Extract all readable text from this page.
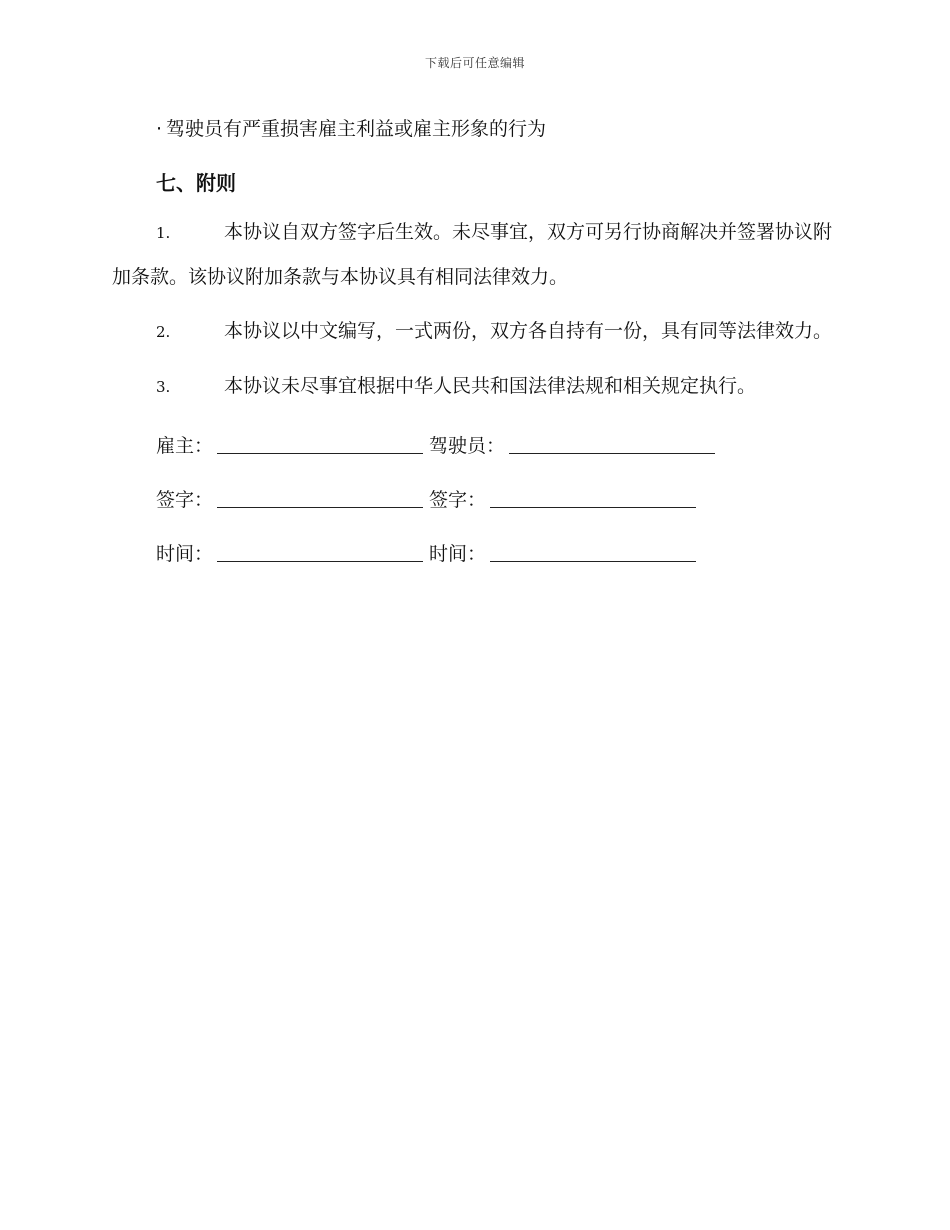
下载后可任意编辑
· 驾驶员有严重损害雇主利益或雇主形象的行为
七、附则
1.	本协议自双方签字后生效。未尽事宜，双方可另行协商解决并签署协议附加条款。该协议附加条款与本协议具有相同法律效力。
2.	本协议以中文编写，一式两份，双方各自持有一份，具有同等法律效力。
3.	本协议未尽事宜根据中华人民共和国法律法规和相关规定执行。
雇主：	驾驶员：
签字：	签字：
时间：	时间：
